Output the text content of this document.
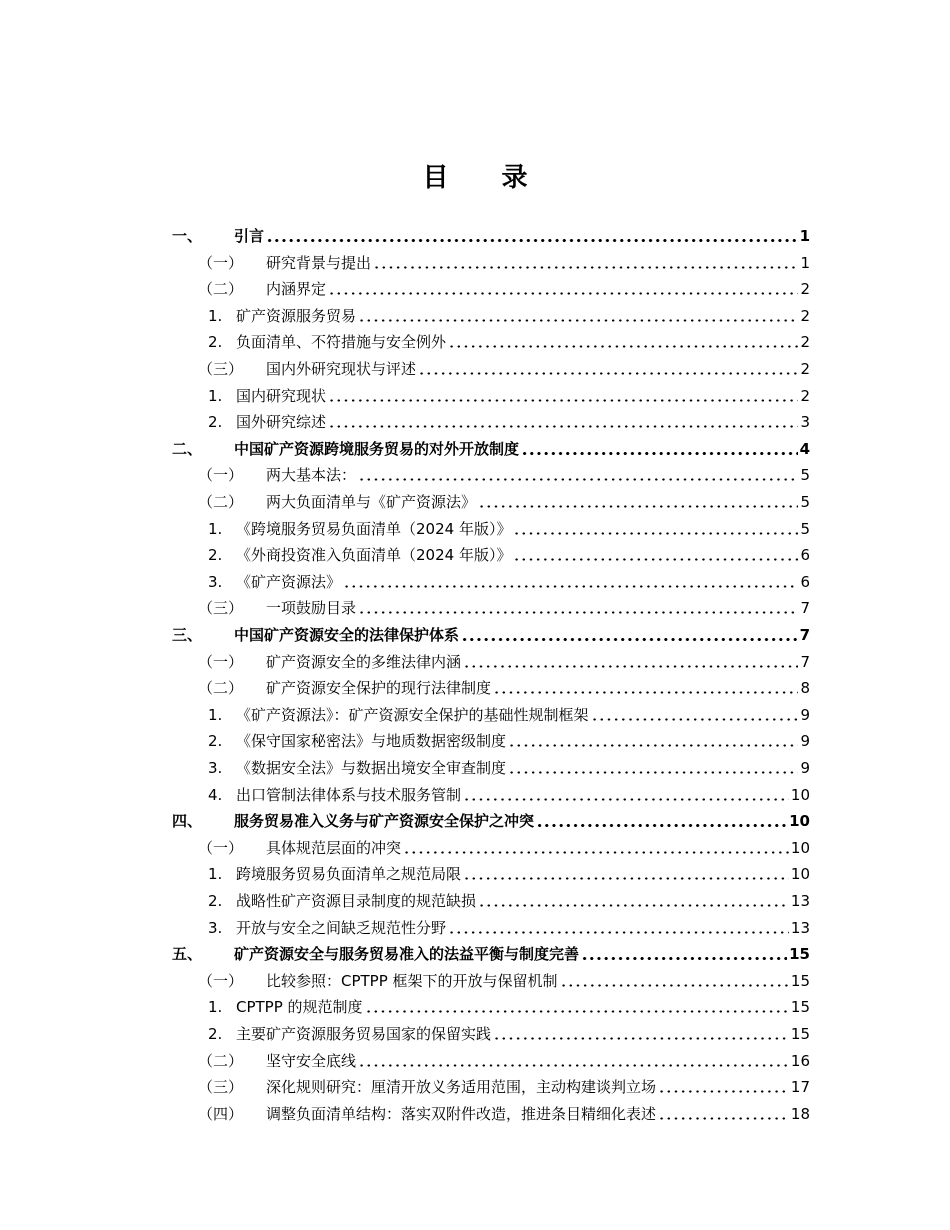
目 录
一、	引言	1
（一）	研究背景与提出	1
（二）	内涵界定	2
1. 矿产资源服务贸易	2
2. 负面清单、不符措施与安全例外	2
（三）	国内外研究现状与评述	2
1. 国内研究现状	2
2. 国外研究综述	3
二、	中国矿产资源跨境服务贸易的对外开放制度	4
（一）	两大基本法：	5
（二）	两大负面清单与《矿产资源法》	5
1. 《跨境服务贸易负面清单（2024 年版）》	5
2. 《外商投资准入负面清单（2024 年版）》	6
3. 《矿产资源法》	6
（三）	一项鼓励目录	7
三、	中国矿产资源安全的法律保护体系	7
（一）	矿产资源安全的多维法律内涵	7
（二）	矿产资源安全保护的现行法律制度	8
1. 《矿产资源法》：矿产资源安全保护的基础性规制框架	9
2. 《保守国家秘密法》与地质数据密级制度	9
3. 《数据安全法》与数据出境安全审查制度	9
4. 出口管制法律体系与技术服务管制	10
四、	服务贸易准入义务与矿产资源安全保护之冲突	10
（一）	具体规范层面的冲突	10
1. 跨境服务贸易负面清单之规范局限	10
2. 战略性矿产资源目录制度的规范缺损	13
3. 开放与安全之间缺乏规范性分野	13
五、	矿产资源安全与服务贸易准入的法益平衡与制度完善	15
（一）	比较参照：CPTPP 框架下的开放与保留机制	15
1. CPTPP 的规范制度	15
2. 主要矿产资源服务贸易国家的保留实践	15
（二）	坚守安全底线	16
（三）	深化规则研究：厘清开放义务适用范围，主动构建谈判立场	17
（四）	调整负面清单结构：落实双附件改造，推进条目精细化表述	18
